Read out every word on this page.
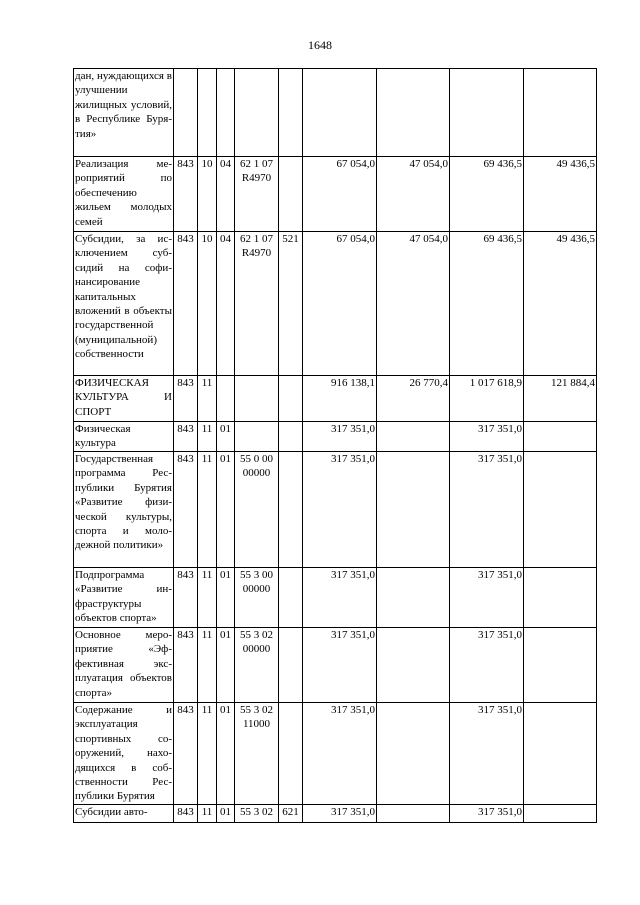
1648
дан, нуждающихся в улучшении жилищных условий, в Республике Бурятия»									
Реализация мероприятий по обеспечению жильем молодых семей	843	10	04	62 1 07 R4970		67 054,0	47 054,0	69 436,5	49 436,5
Субсидии, за исключением субсидий на софинансирование капитальных вложений в объекты государственной (муниципальной) собственности	843	10	04	62 1 07 R4970	521	67 054,0	47 054,0	69 436,5	49 436,5
ФИЗИЧЕСКАЯ КУЛЬТУРА И СПОРТ	843	11				916 138,1	26 770,4	1 017 618,9	121 884,4
Физическая культура	843	11	01			317 351,0		317 351,0	
Государственная программа Республики Бурятия «Развитие физической культуры, спорта и молодежной политики»	843	11	01	55 0 00 00000		317 351,0		317 351,0	
Подпрограмма «Развитие инфраструктуры объектов спорта»	843	11	01	55 3 00 00000		317 351,0		317 351,0	
Основное мероприятие «Эффективная эксплуатация объектов спорта»	843	11	01	55 3 02 00000		317 351,0		317 351,0	
Содержание и эксплуатация спортивных сооружений, находящихся в собственности Республики Бурятия	843	11	01	55 3 02 11000		317 351,0		317 351,0	
Субсидии авто-	843	11	01	55 3 02	621	317 351,0		317 351,0	
